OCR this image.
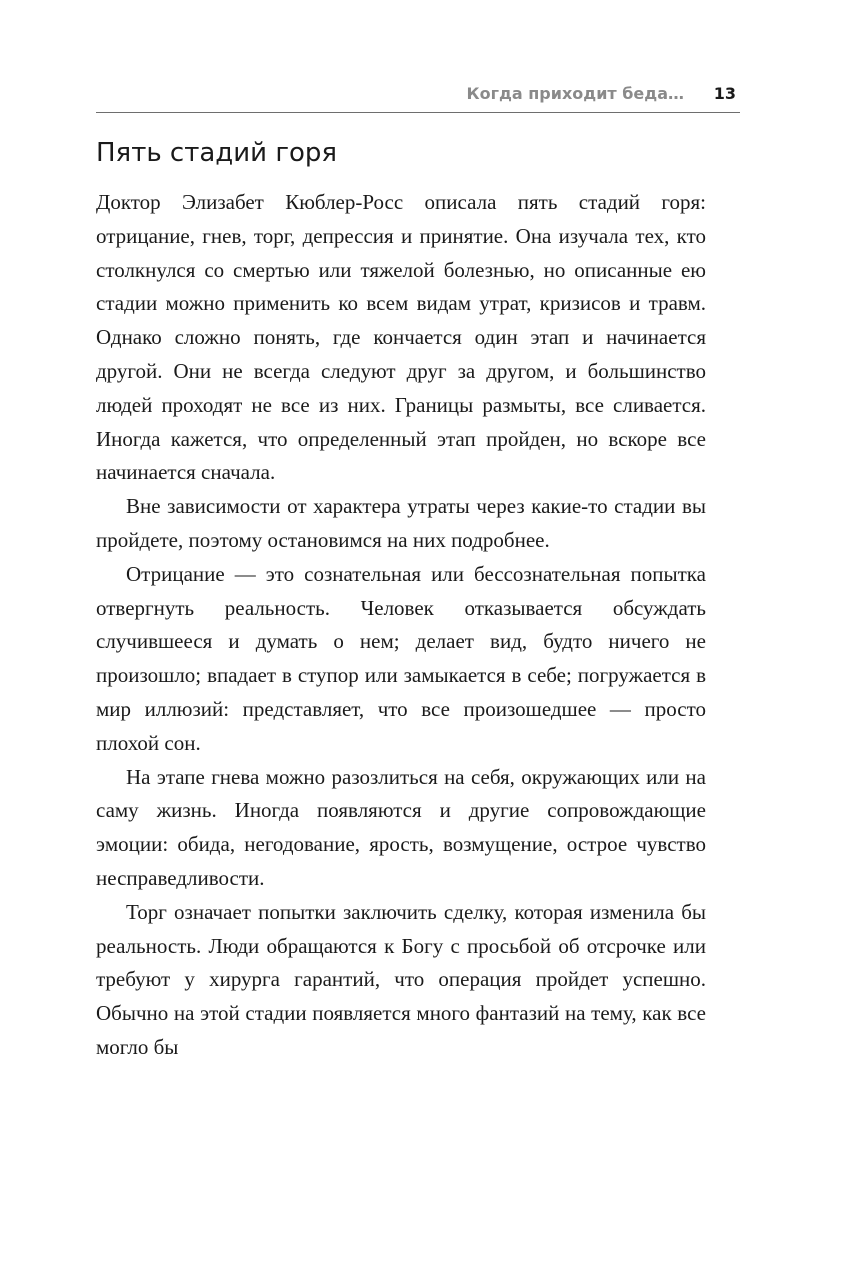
Когда приходит беда… 13
Пять стадий горя

Доктор Элизабет Кюблер-Росс описала пять стадий горя: отрицание, гнев, торг, депрессия и принятие. Она изучала тех, кто столкнулся со смертью или тяжелой болезнью, но описанные ею стадии можно применить ко всем видам утрат, кризисов и травм. Однако сложно понять, где кончается один этап и начинается другой. Они не всегда следуют друг за другом, и большинство людей проходят не все из них. Границы размыты, все сливается. Иногда кажется, что определенный этап пройден, но вскоре все начинается сначала.

Вне зависимости от характера утраты через какие-то стадии вы пройдете, поэтому остановимся на них подробнее.

Отрицание — это сознательная или бессознательная попытка отвергнуть реальность. Человек отказывается обсуждать случившееся и думать о нем; делает вид, будто ничего не произошло; впадает в ступор или замыкается в себе; погружается в мир иллюзий: представляет, что все произошедшее — просто плохой сон.

На этапе гнева можно разозлиться на себя, окружающих или на саму жизнь. Иногда появляются и другие сопровождающие эмоции: обида, негодование, ярость, возмущение, острое чувство несправедливости.

Торг означает попытки заключить сделку, которая изменила бы реальность. Люди обращаются к Богу с просьбой об отсрочке или требуют у хирурга гарантий, что операция пройдет успешно. Обычно на этой стадии появляется много фантазий на тему, как все могло бы
